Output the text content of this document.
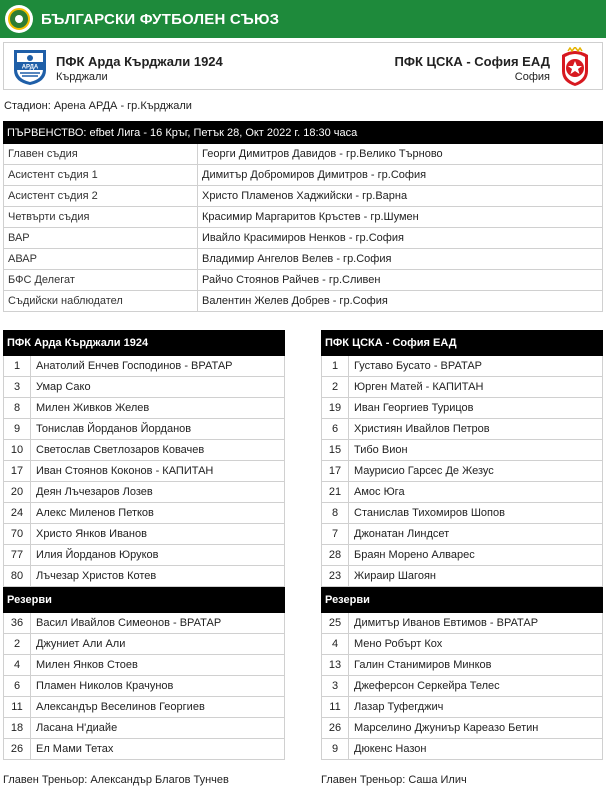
БЪЛГАРСКИ ФУТБОЛЕН СЪЮЗ
АРДА ПФК Арда Кърджали 1924
Кърджали
ПФК ЦСКА - София ЕАД
София
Стадион: Арена АРДА - гр.Кърджали
ПЪРВЕНСТВО: efbet Лига - 16 Кръг, Петък 28, Окт 2022 г. 18:30 часа
Главен съдия	Георги Димитров Давидов - гр.Велико Търново
Асистент съдия 1	Димитър Добромиров Димитров - гр.София
Асистент съдия 2	Христо Пламенов Хаджийски - гр.Варна
Четвърти съдия	Красимир Маргаритов Кръстев - гр.Шумен
ВАР	Ивайло Красимиров Ненков - гр.София
АВАР	Владимир Ангелов Велев - гр.София
БФС Делегат	Райчо Стоянов Райчев - гр.Сливен
Съдийски наблюдател	Валентин Желев Добрев - гр.София
ПФК Арда Кърджали 1924
1	Анатолий Енчев Господинов - ВРАТАР
3	Умар Сако
8	Милен Живков Желев
9	Тонислав Йорданов Йорданов
10	Светослав Светлозаров Ковачев
17	Иван Стоянов Коконов - КАПИТАН
20	Деян Лъчезаров Лозев
24	Алекс Миленов Петков
70	Христо Янков Иванов
77	Илия Йорданов Юруков
80	Лъчезар Христов Котев
Резерви
36	Васил Ивайлов Симеонов - ВРАТАР
2	Джуниет Али Али
4	Милен Янков Стоев
6	Пламен Николов Крачунов
11	Александър Веселинов Георгиев
18	Ласана Н'диайе
26	Ел Мами Тетах
ПФК ЦСКА - София ЕАД
1	Густаво Бусато - ВРАТАР
2	Юрген Матей - КАПИТАН
19	Иван Георгиев Турицов
6	Християн Ивайлов Петров
15	Тибо Вион
17	Маурисио Гарсес Де Жезус
21	Амос Юга
8	Станислав Тихомиров Шопов
7	Джонатан Линдсет
28	Браян Морено Алварес
23	Жираир Шагоян
Резерви
25	Димитър Иванов Евтимов - ВРАТАР
4	Мено Робърт Кох
13	Галин Станимиров Минков
3	Джеферсон Серкейра Телес
11	Лазар Туфегджич
26	Марселино Джуниър Кареазо Бетин
9	Дюкенс Назон
Главен Треньор: Александър Благов Тунчев	Главен Треньор: Саша Илич
